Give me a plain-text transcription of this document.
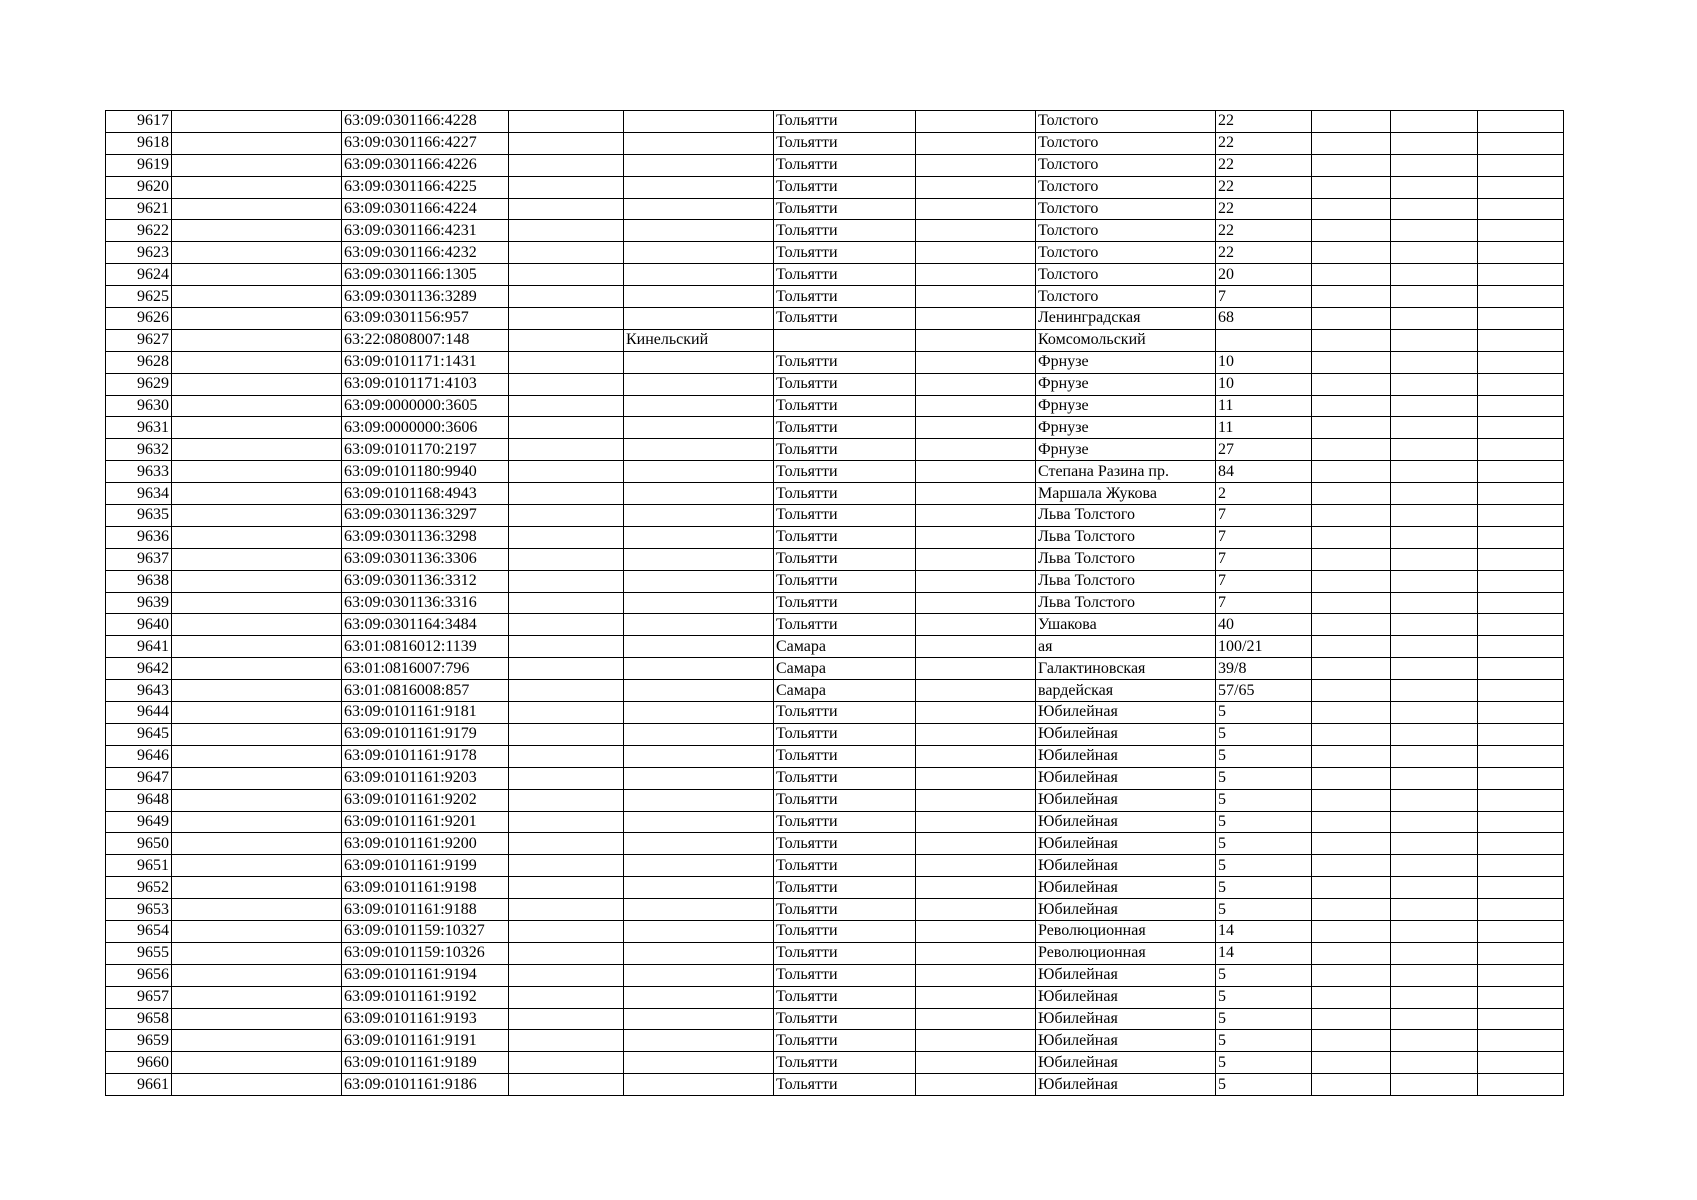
9617		63:09:0301166:4228			Тольятти		Толстого	22			
9618		63:09:0301166:4227			Тольятти		Толстого	22			
9619		63:09:0301166:4226			Тольятти		Толстого	22			
9620		63:09:0301166:4225			Тольятти		Толстого	22			
9621		63:09:0301166:4224			Тольятти		Толстого	22			
9622		63:09:0301166:4231			Тольятти		Толстого	22			
9623		63:09:0301166:4232			Тольятти		Толстого	22			
9624		63:09:0301166:1305			Тольятти		Толстого	20			
9625		63:09:0301136:3289			Тольятти		Толстого	7			
9626		63:09:0301156:957			Тольятти		Ленинградская	68			
9627		63:22:0808007:148		Кинельский			Комсомольский				
9628		63:09:0101171:1431			Тольятти		Фрнузе	10			
9629		63:09:0101171:4103			Тольятти		Фрнузе	10			
9630		63:09:0000000:3605			Тольятти		Фрнузе	11			
9631		63:09:0000000:3606			Тольятти		Фрнузе	11			
9632		63:09:0101170:2197			Тольятти		Фрнузе	27			
9633		63:09:0101180:9940			Тольятти		Степана Разина пр.	84			
9634		63:09:0101168:4943			Тольятти		Маршала Жукова	2			
9635		63:09:0301136:3297			Тольятти		Льва Толстого	7			
9636		63:09:0301136:3298			Тольятти		Льва Толстого	7			
9637		63:09:0301136:3306			Тольятти		Льва Толстого	7			
9638		63:09:0301136:3312			Тольятти		Льва Толстого	7			
9639		63:09:0301136:3316			Тольятти		Льва Толстого	7			
9640		63:09:0301164:3484			Тольятти		Ушакова	40			
9641		63:01:0816012:1139			Самара		ая	100/21			
9642		63:01:0816007:796			Самара		Галактиновская	39/8			
9643		63:01:0816008:857			Самара		вардейская	57/65			
9644		63:09:0101161:9181			Тольятти		Юбилейная	5			
9645		63:09:0101161:9179			Тольятти		Юбилейная	5			
9646		63:09:0101161:9178			Тольятти		Юбилейная	5			
9647		63:09:0101161:9203			Тольятти		Юбилейная	5			
9648		63:09:0101161:9202			Тольятти		Юбилейная	5			
9649		63:09:0101161:9201			Тольятти		Юбилейная	5			
9650		63:09:0101161:9200			Тольятти		Юбилейная	5			
9651		63:09:0101161:9199			Тольятти		Юбилейная	5			
9652		63:09:0101161:9198			Тольятти		Юбилейная	5			
9653		63:09:0101161:9188			Тольятти		Юбилейная	5			
9654		63:09:0101159:10327			Тольятти		Революционная	14			
9655		63:09:0101159:10326			Тольятти		Революционная	14			
9656		63:09:0101161:9194			Тольятти		Юбилейная	5			
9657		63:09:0101161:9192			Тольятти		Юбилейная	5			
9658		63:09:0101161:9193			Тольятти		Юбилейная	5			
9659		63:09:0101161:9191			Тольятти		Юбилейная	5			
9660		63:09:0101161:9189			Тольятти		Юбилейная	5			
9661		63:09:0101161:9186			Тольятти		Юбилейная	5			
